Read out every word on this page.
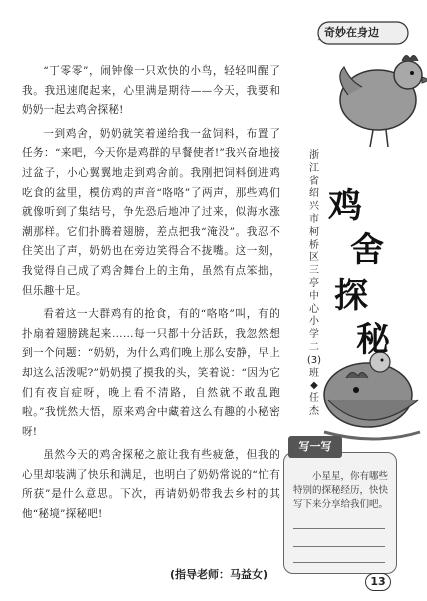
“丁零零”，闹钟像一只欢快的小鸟，轻轻叫醒了我。我迅速爬起来，心里满是期待——今天，我要和奶奶一起去鸡舍探秘!

一到鸡舍，奶奶就笑着递给我一盆饲料，布置了任务：“来吧，今天你是鸡群的早餐使者!”我兴奋地接过盆子，小心翼翼地走到鸡舍前。我刚把饲料倒进鸡吃食的盆里，模仿鸡的声音“咯咯”了两声，那些鸡们就像听到了集结号，争先恐后地冲了过来，似海水涨潮那样。它们扑腾着翅膀，差点把我“淹没”。我忍不住笑出了声，奶奶也在旁边笑得合不拢嘴。这一刻，我觉得自己成了鸡舍舞台上的主角，虽然有点笨拙，但乐趣十足。

看着这一大群鸡有的抢食，有的“咯咯”叫，有的扑扇着翅膀跳起来……每一只都十分活跃，我忽然想到一个问题：“奶奶，为什么鸡们晚上那么安静，早上却这么活泼呢?”奶奶摸了摸我的头，笑着说：“因为它们有夜盲症呀，晚上看不清路，自然就不敢乱跑啦。”我恍然大悟，原来鸡舍中藏着这么有趣的小秘密呀!

虽然今天的鸡舍探秘之旅让我有些疲惫，但我的心里却装满了快乐和满足，也明白了奶奶常说的“忙有所获”是什么意思。下次，再请奶奶带我去乡村的其他“秘境”探秘吧!

(指导老师：马益女)
奇妙在身边
浙江省绍兴市柯桥区三亭中心小学二(3)班◆任杰
鸡
舍
探
秘
写一写
小星星，你有哪些特别的探秘经历，快快写下来分享给我们吧。
13
